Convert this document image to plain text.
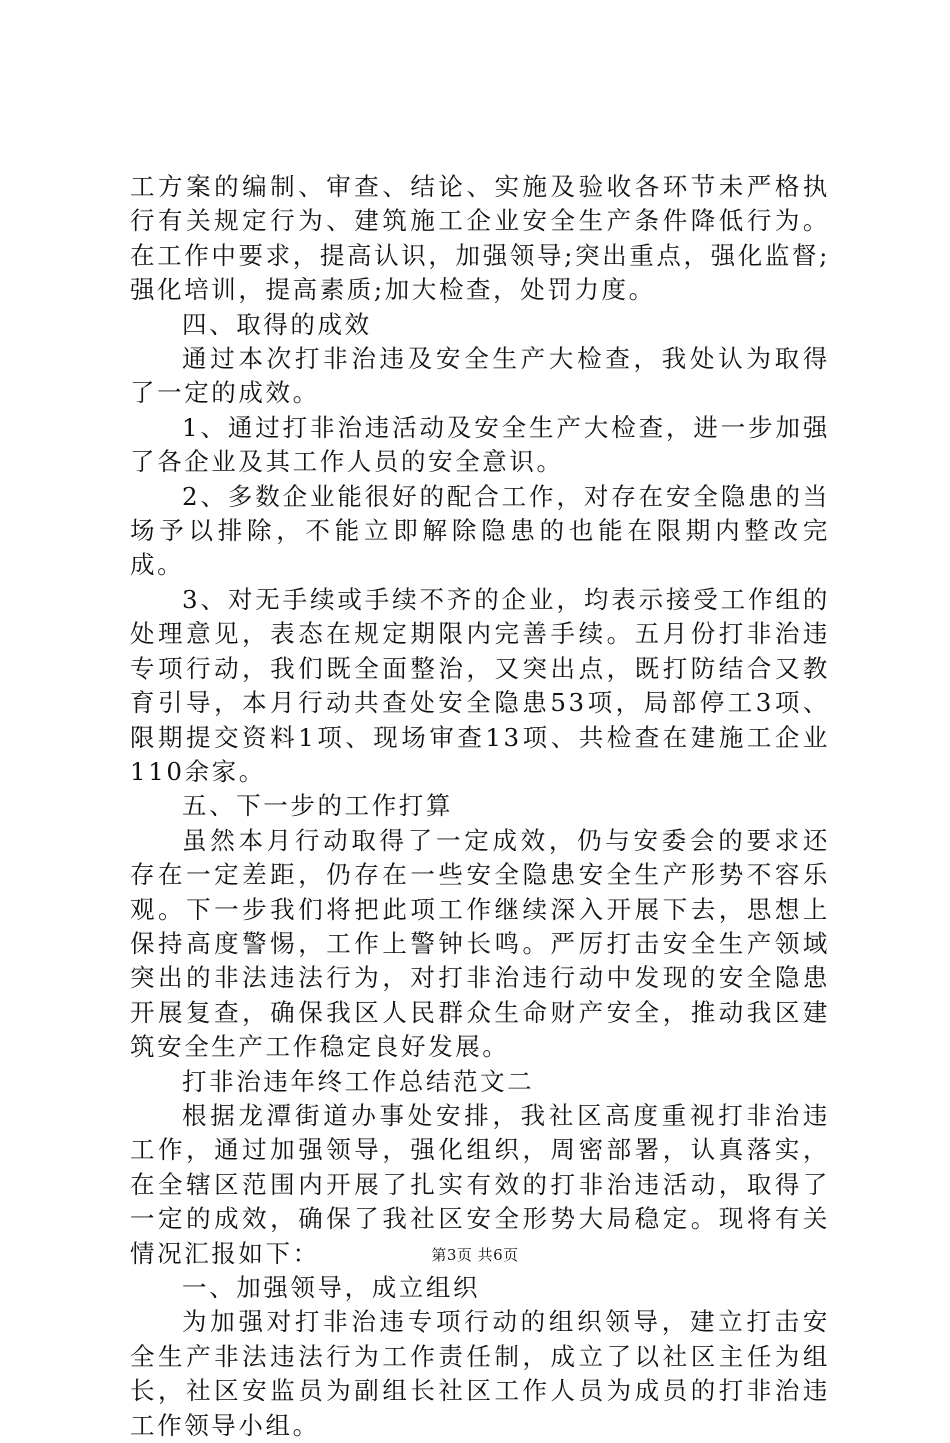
工方案的编制、审查、结论、实施及验收各环节未严格执行有关规定行为、建筑施工企业安全生产条件降低行为。在工作中要求，提高认识，加强领导;突出重点，强化监督;强化培训，提高素质;加大检查，处罚力度。

四、取得的成效

通过本次打非治违及安全生产大检查，我处认为取得了一定的成效。

1、通过打非治违活动及安全生产大检查，进一步加强了各企业及其工作人员的安全意识。

2、多数企业能很好的配合工作，对存在安全隐患的当场予以排除，不能立即解除隐患的也能在限期内整改完成。

3、对无手续或手续不齐的企业，均表示接受工作组的处理意见，表态在规定期限内完善手续。五月份打非治违专项行动，我们既全面整治，又突出点，既打防结合又教育引导，本月行动共查处安全隐患53项，局部停工3项、限期提交资料1项、现场审查13项、共检查在建施工企业110余家。

五、下一步的工作打算

虽然本月行动取得了一定成效，仍与安委会的要求还存在一定差距，仍存在一些安全隐患安全生产形势不容乐观。下一步我们将把此项工作继续深入开展下去，思想上保持高度警惕，工作上警钟长鸣。严厉打击安全生产领域突出的非法违法行为，对打非治违行动中发现的安全隐患开展复查，确保我区人民群众生命财产安全，推动我区建筑安全生产工作稳定良好发展。

打非治违年终工作总结范文二

根据龙潭街道办事处安排，我社区高度重视打非治违工作，通过加强领导，强化组织，周密部署，认真落实，在全辖区范围内开展了扎实有效的打非治违活动，取得了一定的成效，确保了我社区安全形势大局稳定。现将有关情况汇报如下：

一、加强领导，成立组织

为加强对打非治违专项行动的组织领导，建立打击安全生产非法违法行为工作责任制，成立了以社区主任为组长，社区安监员为副组长社区工作人员为成员的打非治违工作领导小组。

第3页 共6页
